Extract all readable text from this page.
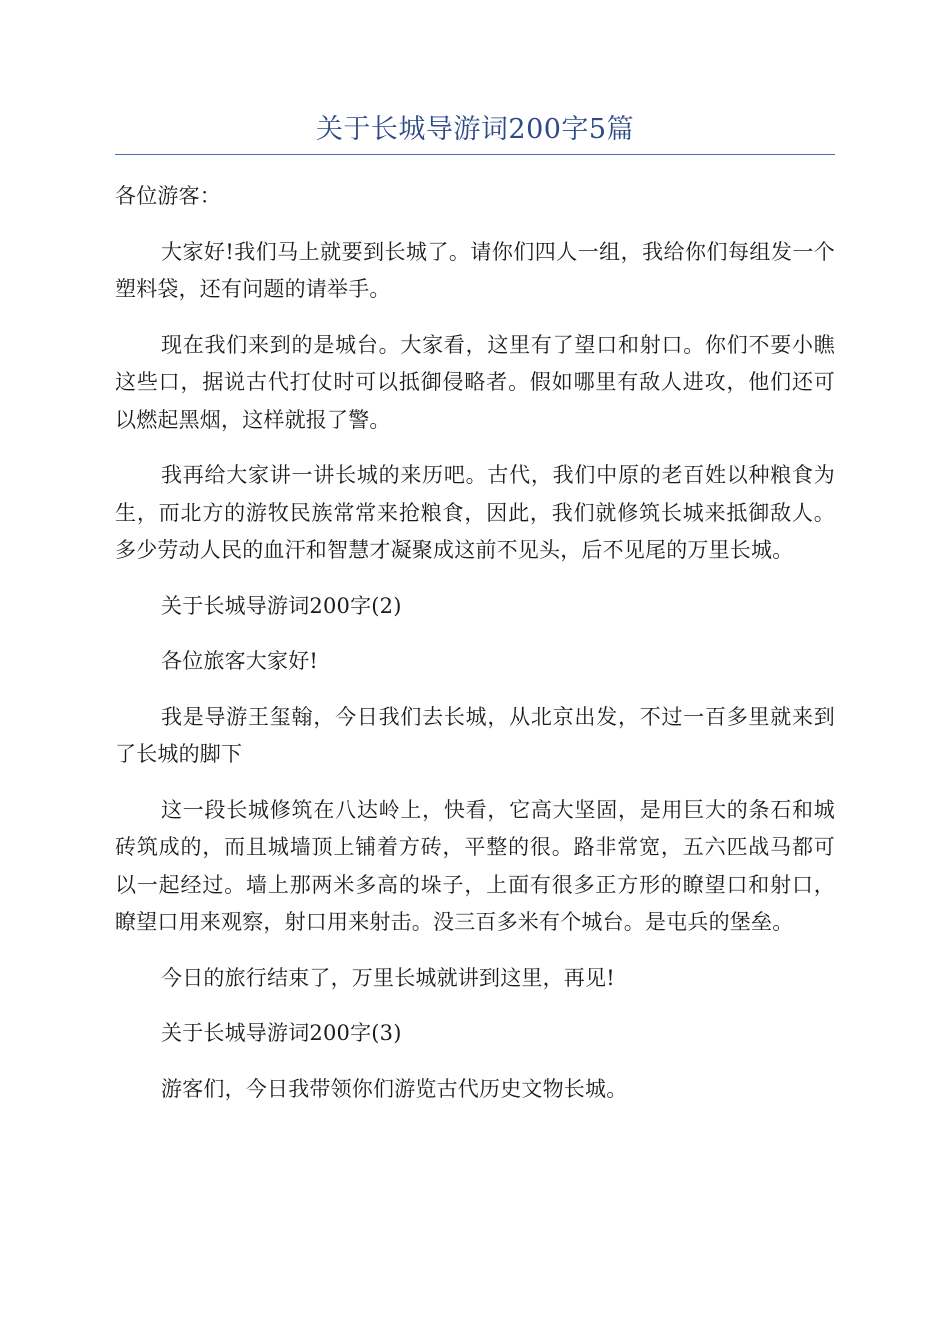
关于长城导游词200字5篇

各位游客：

大家好!我们马上就要到长城了。请你们四人一组，我给你们每组发一个塑料袋，还有问题的请举手。

现在我们来到的是城台。大家看，这里有了望口和射口。你们不要小瞧这些口，据说古代打仗时可以抵御侵略者。假如哪里有敌人进攻，他们还可以燃起黑烟，这样就报了警。

我再给大家讲一讲长城的来历吧。古代，我们中原的老百姓以种粮食为生，而北方的游牧民族常常来抢粮食，因此，我们就修筑长城来抵御敌人。多少劳动人民的血汗和智慧才凝聚成这前不见头，后不见尾的万里长城。

关于长城导游词200字(2)

各位旅客大家好!

我是导游王玺翰，今日我们去长城，从北京出发，不过一百多里就来到了长城的脚下

这一段长城修筑在八达岭上，快看，它高大坚固，是用巨大的条石和城砖筑成的，而且城墙顶上铺着方砖，平整的很。路非常宽，五六匹战马都可以一起经过。墙上那两米多高的垛子，上面有很多正方形的瞭望口和射口，瞭望口用来观察，射口用来射击。没三百多米有个城台。是屯兵的堡垒。

今日的旅行结束了，万里长城就讲到这里，再见!

关于长城导游词200字(3)

游客们，今日我带领你们游览古代历史文物长城。
